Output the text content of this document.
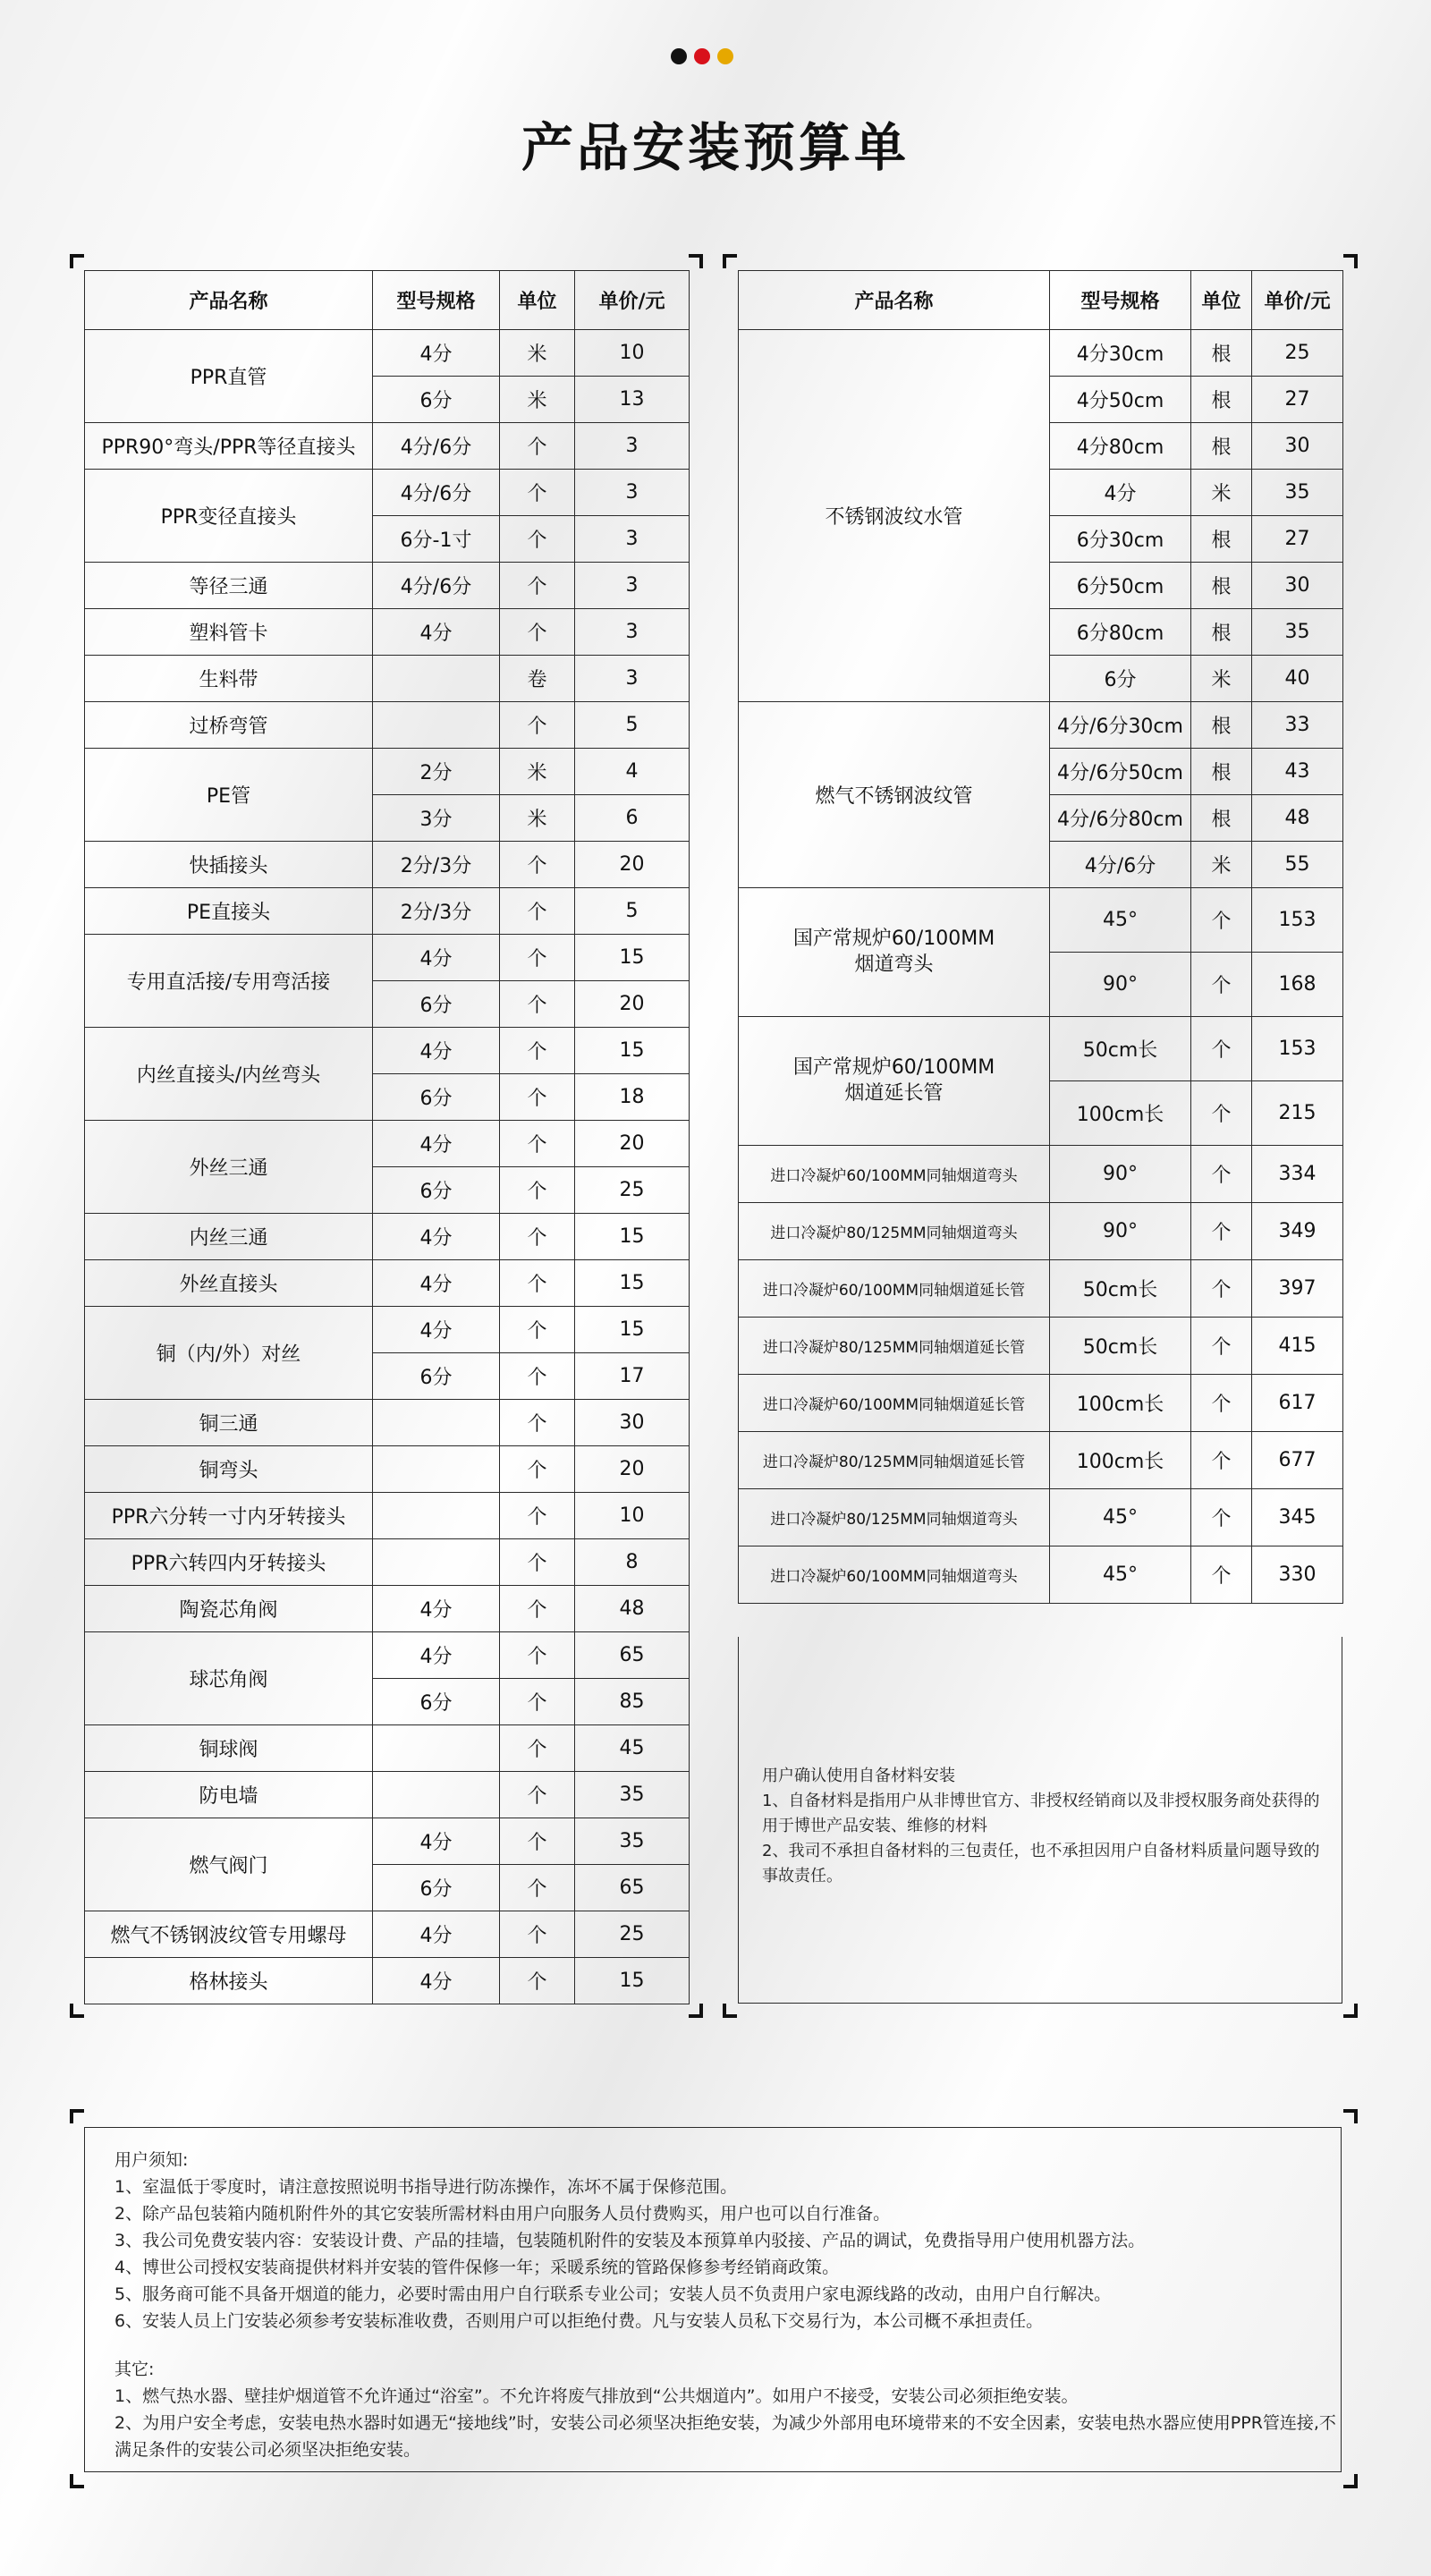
产品安装预算单
产品名称	型号规格	单位	单价/元
PPR直管	4分	米	10
	6分	米	13
PPR90°弯头/PPR等径直接头	4分/6分	个	3
PPR变径直接头	4分/6分	个	3
	6分-1寸	个	3
等径三通	4分/6分	个	3
塑料管卡	4分	个	3
生料带		卷	3
过桥弯管		个	5
PE管	2分	米	4
	3分	米	6
快插接头	2分/3分	个	20
PE直接头	2分/3分	个	5
专用直活接/专用弯活接	4分	个	15
	6分	个	20
内丝直接头/内丝弯头	4分	个	15
	6分	个	18
外丝三通	4分	个	20
	6分	个	25
内丝三通	4分	个	15
外丝直接头	4分	个	15
铜（内/外）对丝	4分	个	15
	6分	个	17
铜三通		个	30
铜弯头		个	20
PPR六分转一寸内牙转接头		个	10
PPR六转四内牙转接头		个	8
陶瓷芯角阀	4分	个	48
球芯角阀	4分	个	65
	6分	个	85
铜球阀		个	45
防电墙		个	35
燃气阀门	4分	个	35
	6分	个	65
燃气不锈钢波纹管专用螺母	4分	个	25
格林接头	4分	个	15
产品名称	型号规格	单位	单价/元
不锈钢波纹水管	4分30cm	根	25
	4分50cm	根	27
	4分80cm	根	30
	4分	米	35
	6分30cm	根	27
	6分50cm	根	30
	6分80cm	根	35
	6分	米	40
燃气不锈钢波纹管	4分/6分30cm	根	33
	4分/6分50cm	根	43
	4分/6分80cm	根	48
	4分/6分	米	55
国产常规炉60/100MM
烟道弯头	45°	个	153
	90°	个	168
国产常规炉60/100MM
烟道延长管	50cm长	个	153
	100cm长	个	215
进口冷凝炉60/100MM同轴烟道弯头	90°	个	334
进口冷凝炉80/125MM同轴烟道弯头	90°	个	349
进口冷凝炉60/100MM同轴烟道延长管	50cm长	个	397
进口冷凝炉80/125MM同轴烟道延长管	50cm长	个	415
进口冷凝炉60/100MM同轴烟道延长管	100cm长	个	617
进口冷凝炉80/125MM同轴烟道延长管	100cm长	个	677
进口冷凝炉80/125MM同轴烟道弯头	45°	个	345
进口冷凝炉60/100MM同轴烟道弯头	45°	个	330

用户确认使用自备材料安装

1、自备材料是指用户从非博世官方、非授权经销商以及非授权服务商处获得的用于博世产品安装、维修的材料

2、我司不承担自备材料的三包责任，也不承担因用户自备材料质量问题导致的事故责任。

用户须知:

1、室温低于零度时，请注意按照说明书指导进行防冻操作，冻坏不属于保修范围。

2、除产品包装箱内随机附件外的其它安装所需材料由用户向服务人员付费购买，用户也可以自行准备。

3、我公司免费安装内容：安装设计费、产品的挂墙，包装随机附件的安装及本预算单内驳接、产品的调试，免费指导用户使用机器方法。

4、博世公司授权安装商提供材料并安装的管件保修一年；采暖系统的管路保修参考经销商政策。

5、服务商可能不具备开烟道的能力，必要时需由用户自行联系专业公司；安装人员不负责用户家电源线路的改动，由用户自行解决。

6、安装人员上门安装必须参考安装标准收费，否则用户可以拒绝付费。凡与安装人员私下交易行为，本公司概不承担责任。

其它:

1、燃气热水器、壁挂炉烟道管不允许通过“浴室”。不允许将废气排放到“公共烟道内”。如用户不接受，安装公司必须拒绝安装。

2、为用户安全考虑，安装电热水器时如遇无“接地线”时，安装公司必须坚决拒绝安装，为减少外部用电环境带来的不安全因素，安装电热水器应使用PPR管连接,不满足条件的安装公司必须坚决拒绝安装。
